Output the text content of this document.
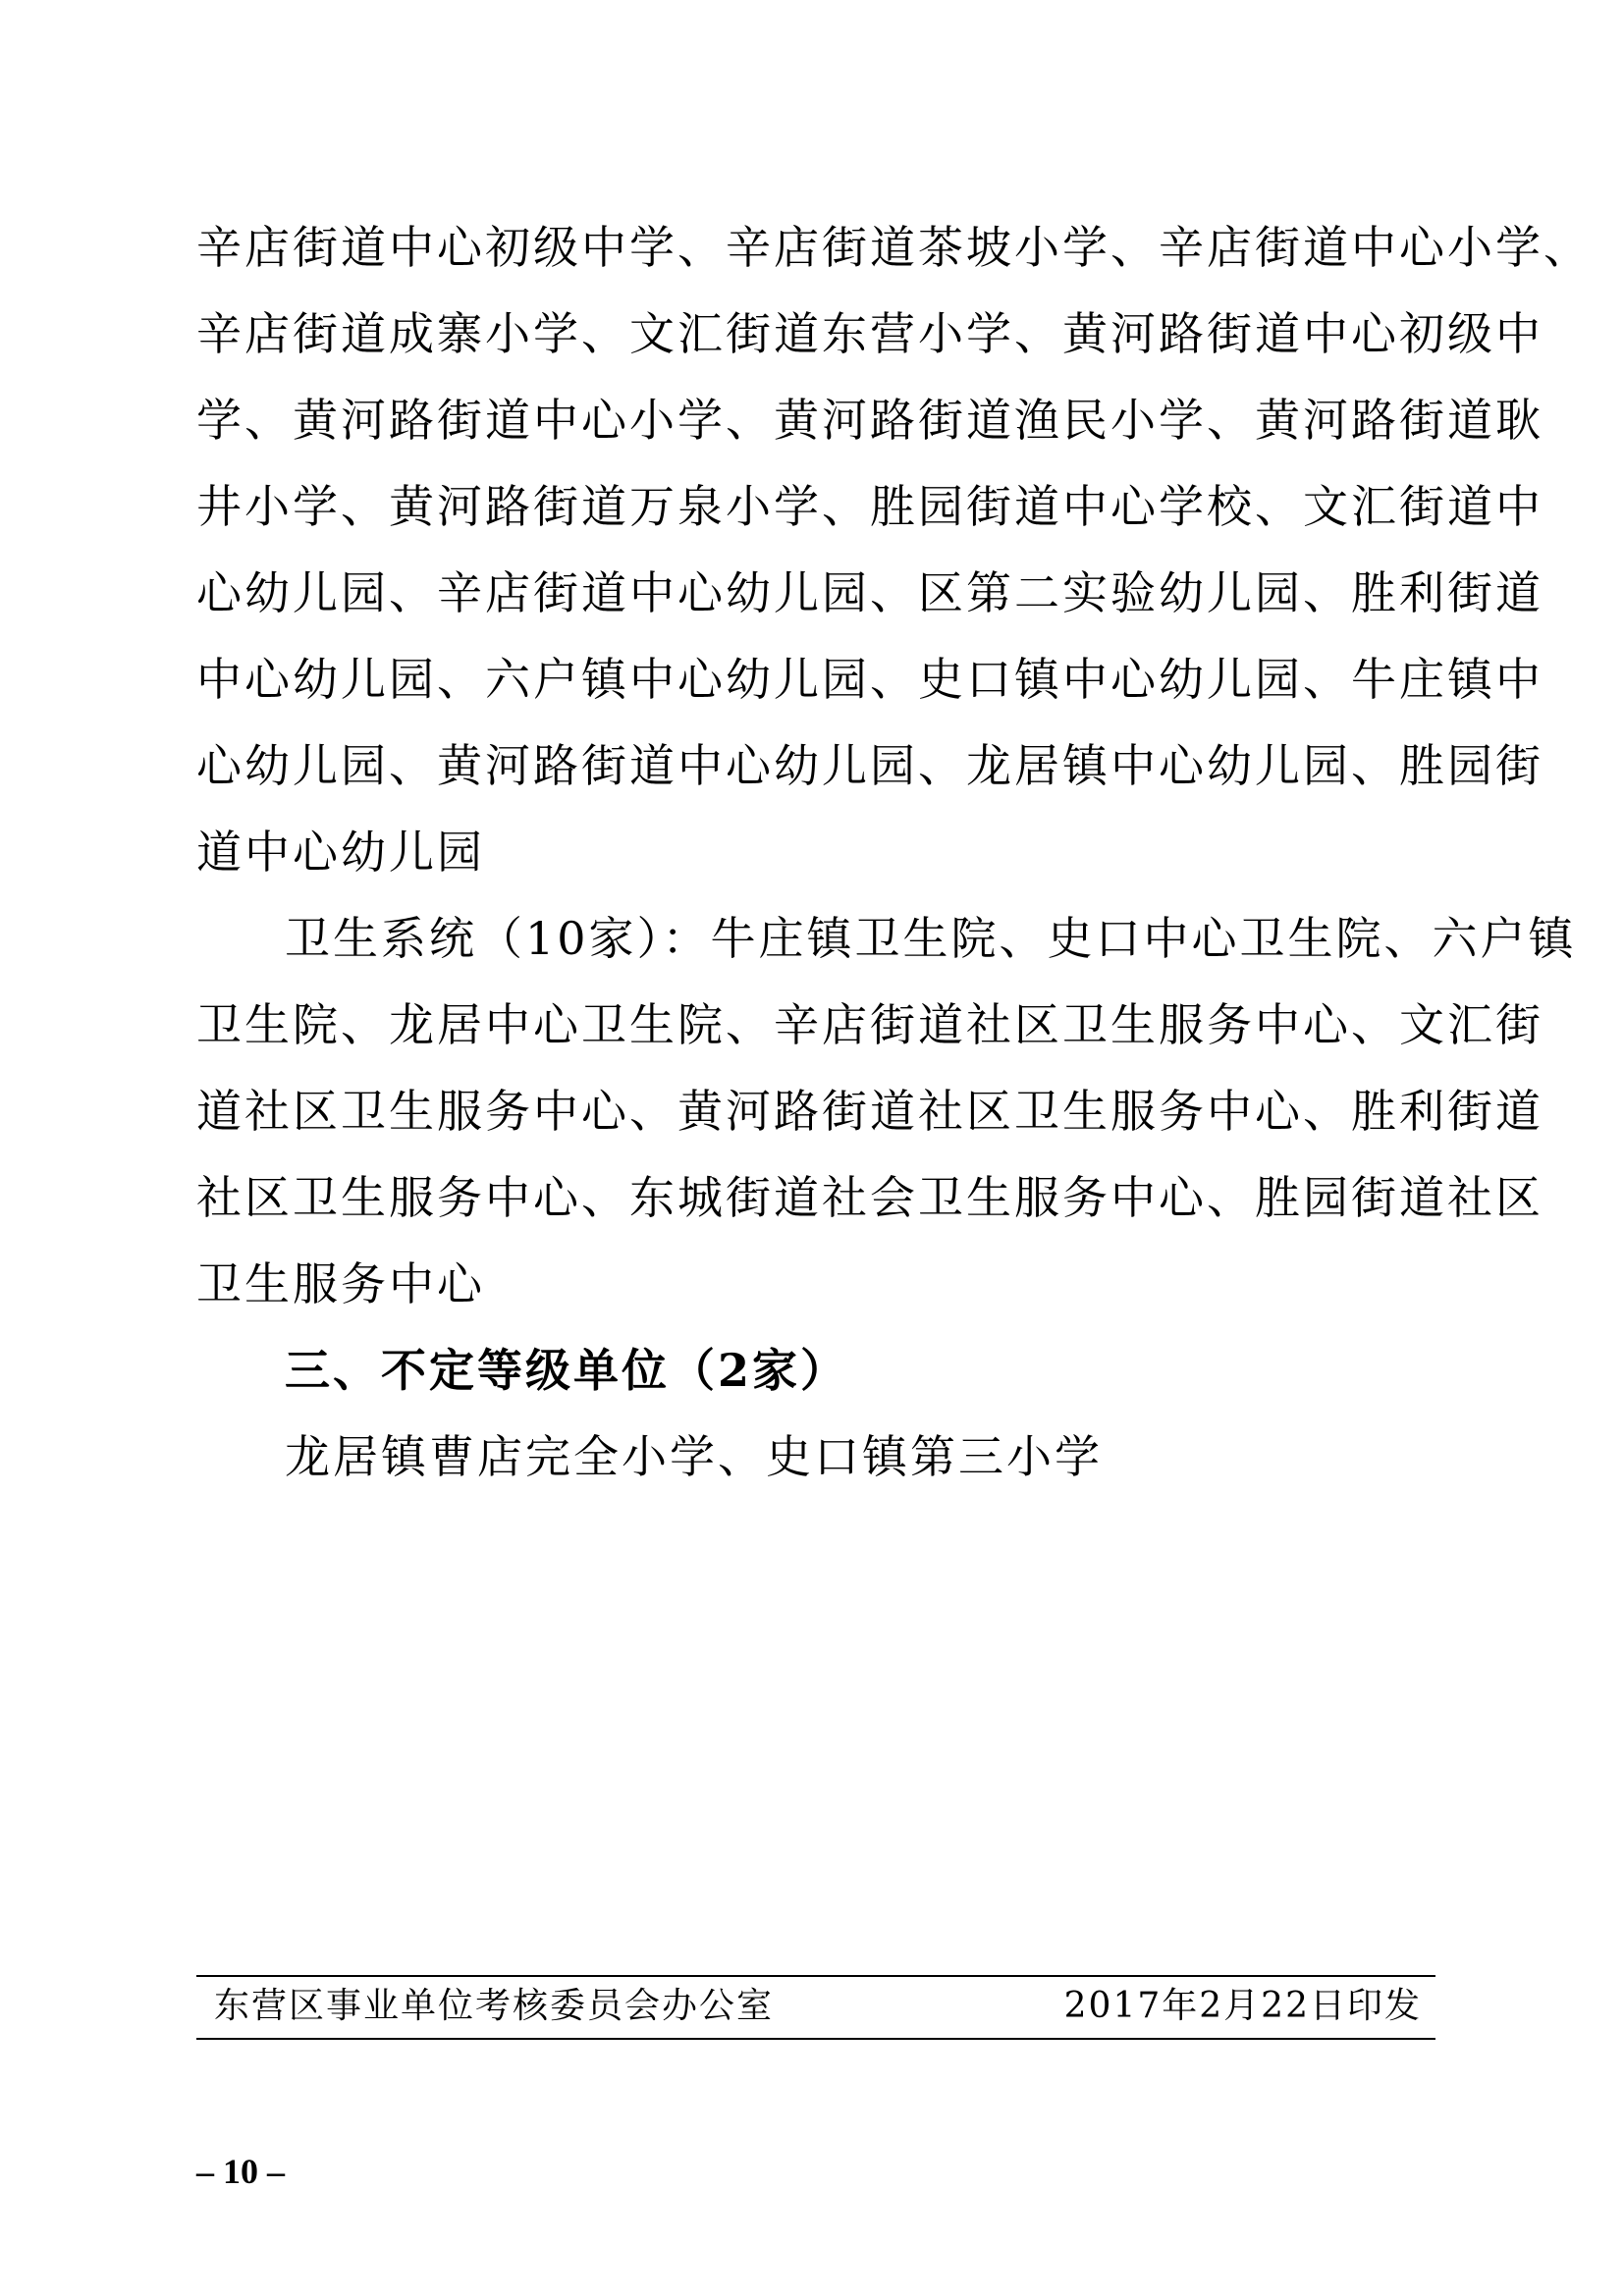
辛店街道中心初级中学、辛店街道茶坡小学、辛店街道中心小学、
辛店街道成寨小学、文汇街道东营小学、黄河路街道中心初级中
学、黄河路街道中心小学、黄河路街道渔民小学、黄河路街道耿
井小学、黄河路街道万泉小学、胜园街道中心学校、文汇街道中
心幼儿园、辛店街道中心幼儿园、区第二实验幼儿园、胜利街道
中心幼儿园、六户镇中心幼儿园、史口镇中心幼儿园、牛庄镇中
心幼儿园、黄河路街道中心幼儿园、龙居镇中心幼儿园、胜园街
道中心幼儿园
卫生系统（10家）：牛庄镇卫生院、史口中心卫生院、六户镇
卫生院、龙居中心卫生院、辛店街道社区卫生服务中心、文汇街
道社区卫生服务中心、黄河路街道社区卫生服务中心、胜利街道
社区卫生服务中心、东城街道社会卫生服务中心、胜园街道社区
卫生服务中心
三、不定等级单位（2家）
龙居镇曹店完全小学、史口镇第三小学
东营区事业单位考核委员会办公室	2017年2月22日印发
– 10 –
